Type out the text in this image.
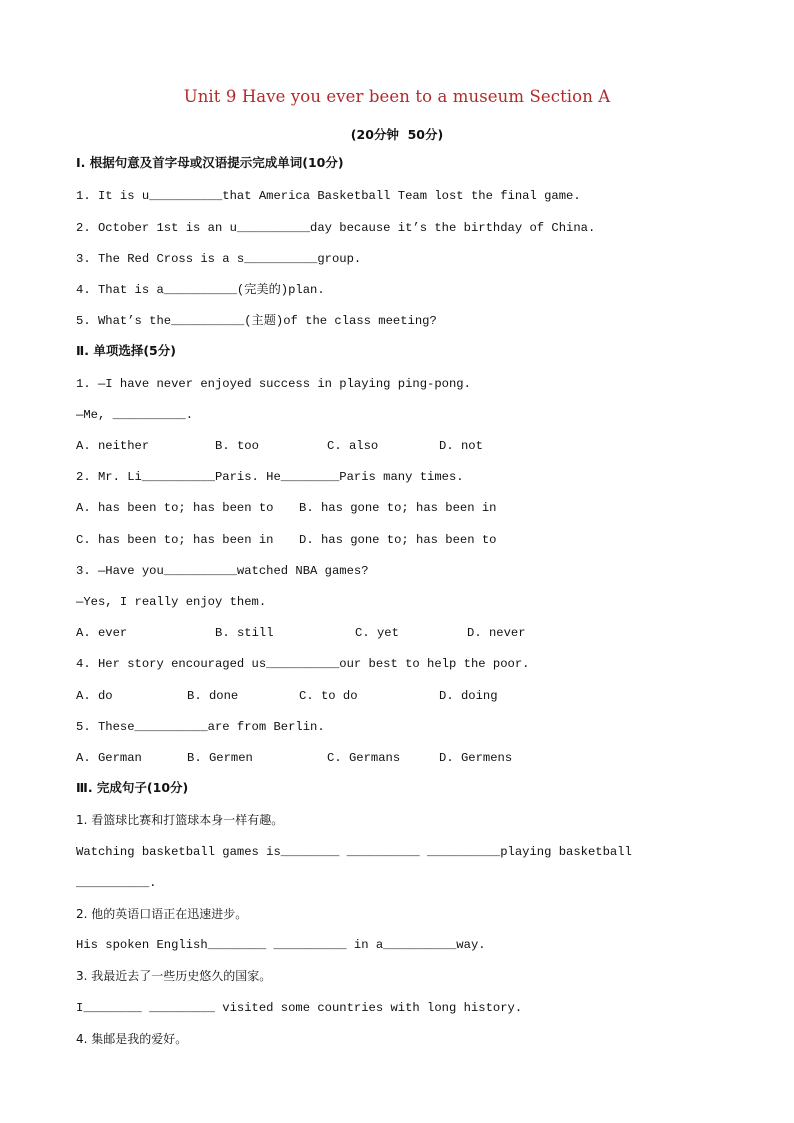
Unit 9 Have you ever been to a museum Section A
(20分钟  50分)
Ⅰ. 根据句意及首字母或汉语提示完成单词(10分)
1. It is u__________that America Basketball Team lost the final game.
2. October 1st is an u__________day because it’s the birthday of China.
3. The Red Cross is a s__________group.
4. That is a__________(完美的)plan.
5. What’s the__________(主题)of the class meeting?
Ⅱ. 单项选择(5分)
1. —I have never enjoyed success in playing ping-pong.
—Me, __________.
A. neither	B. too	C. also	D. not
2. Mr. Li__________Paris. He________Paris many times.
A. has been to; has been to B. has gone to; has been in
C. has been to; has been in D. has gone to; has been to
3. —Have you__________watched NBA games?
—Yes, I really enjoy them.
A. ever	B. still	C. yet	D. never
4. Her story encouraged us__________our best to help the poor.
A. do	B. done	C. to do	D. doing
5. These__________are from Berlin.
A. German	B. Germen	C. Germans	D. Germens
Ⅲ. 完成句子(10分)
1. 看篮球比赛和打篮球本身一样有趣。
Watching basketball games is________ __________ __________playing basketball
__________.
2. 他的英语口语正在迅速进步。
His spoken English________ __________ in a__________way.
3. 我最近去了一些历史悠久的国家。
I________ _________ visited some countries with long history.
4. 集邮是我的爱好。
